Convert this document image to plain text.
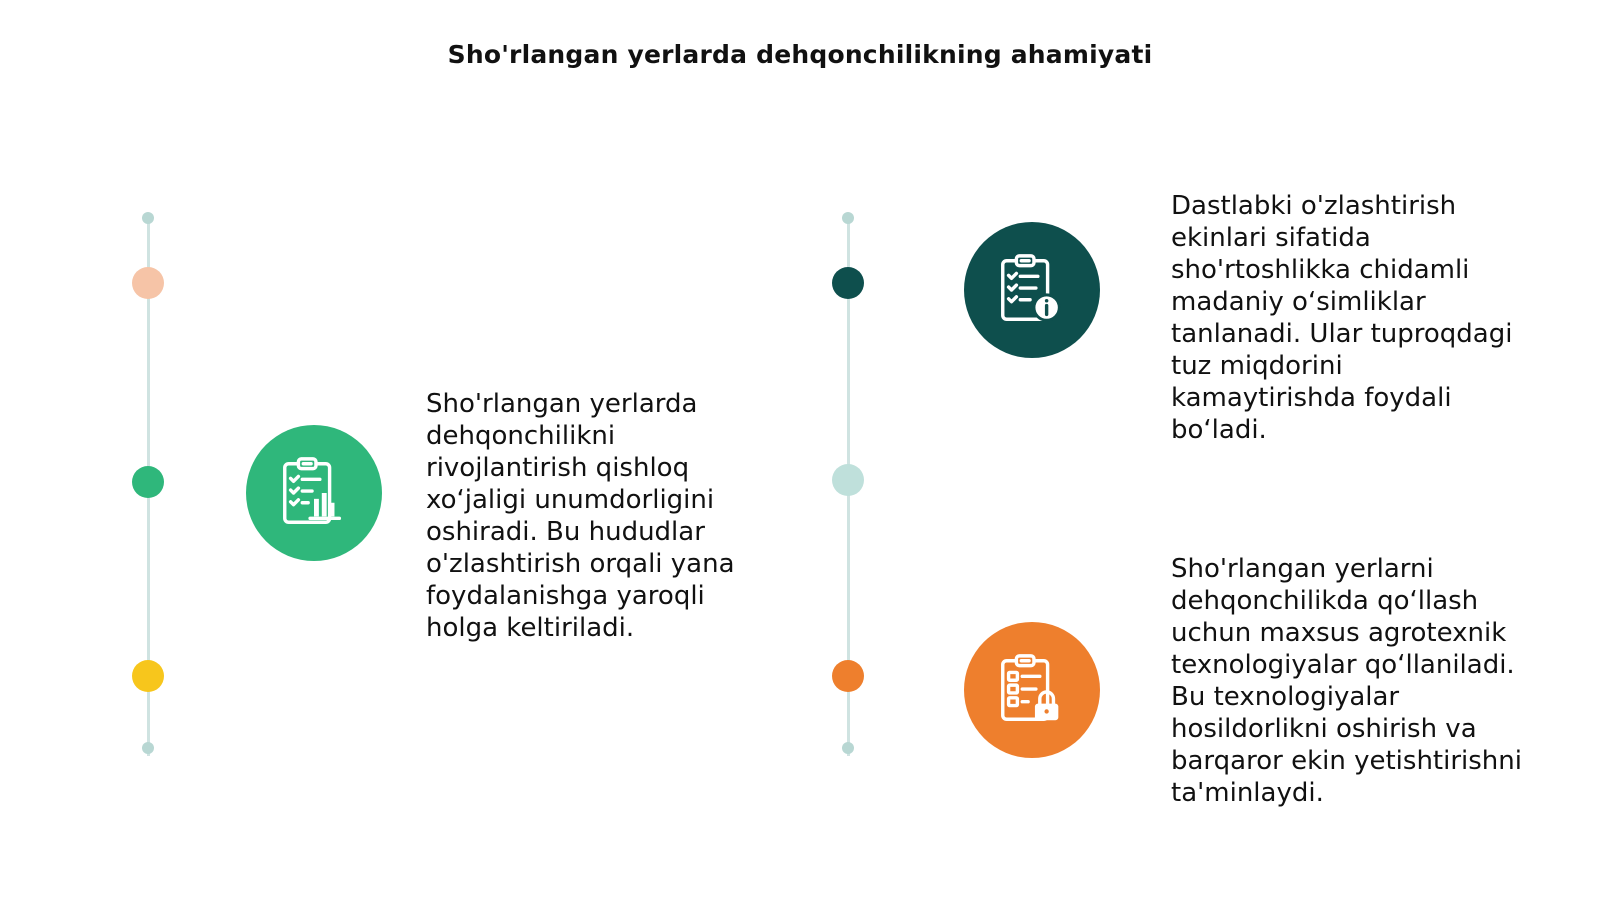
Sho'rlangan yerlarda dehqonchilikning ahamiyati

Sho'rlangan yerlarda
dehqonchilikni
rivojlantirish qishloq
xo‘jaligi unumdorligini
oshiradi. Bu hududlar
o'zlashtirish orqali yana
foydalanishga yaroqli
holga keltiriladi.

Dastlabki o'zlashtirish
ekinlari sifatida
sho'rtoshlikka chidamli
madaniy o‘simliklar
tanlanadi. Ular tuproqdagi
tuz miqdorini
kamaytirishda foydali
bo‘ladi.

Sho'rlangan yerlarni
dehqonchilikda qo‘llash
uchun maxsus agrotexnik
texnologiyalar qo‘llaniladi.
Bu texnologiyalar
hosildorlikni oshirish va
barqaror ekin yetishtirishni
ta'minlaydi.
